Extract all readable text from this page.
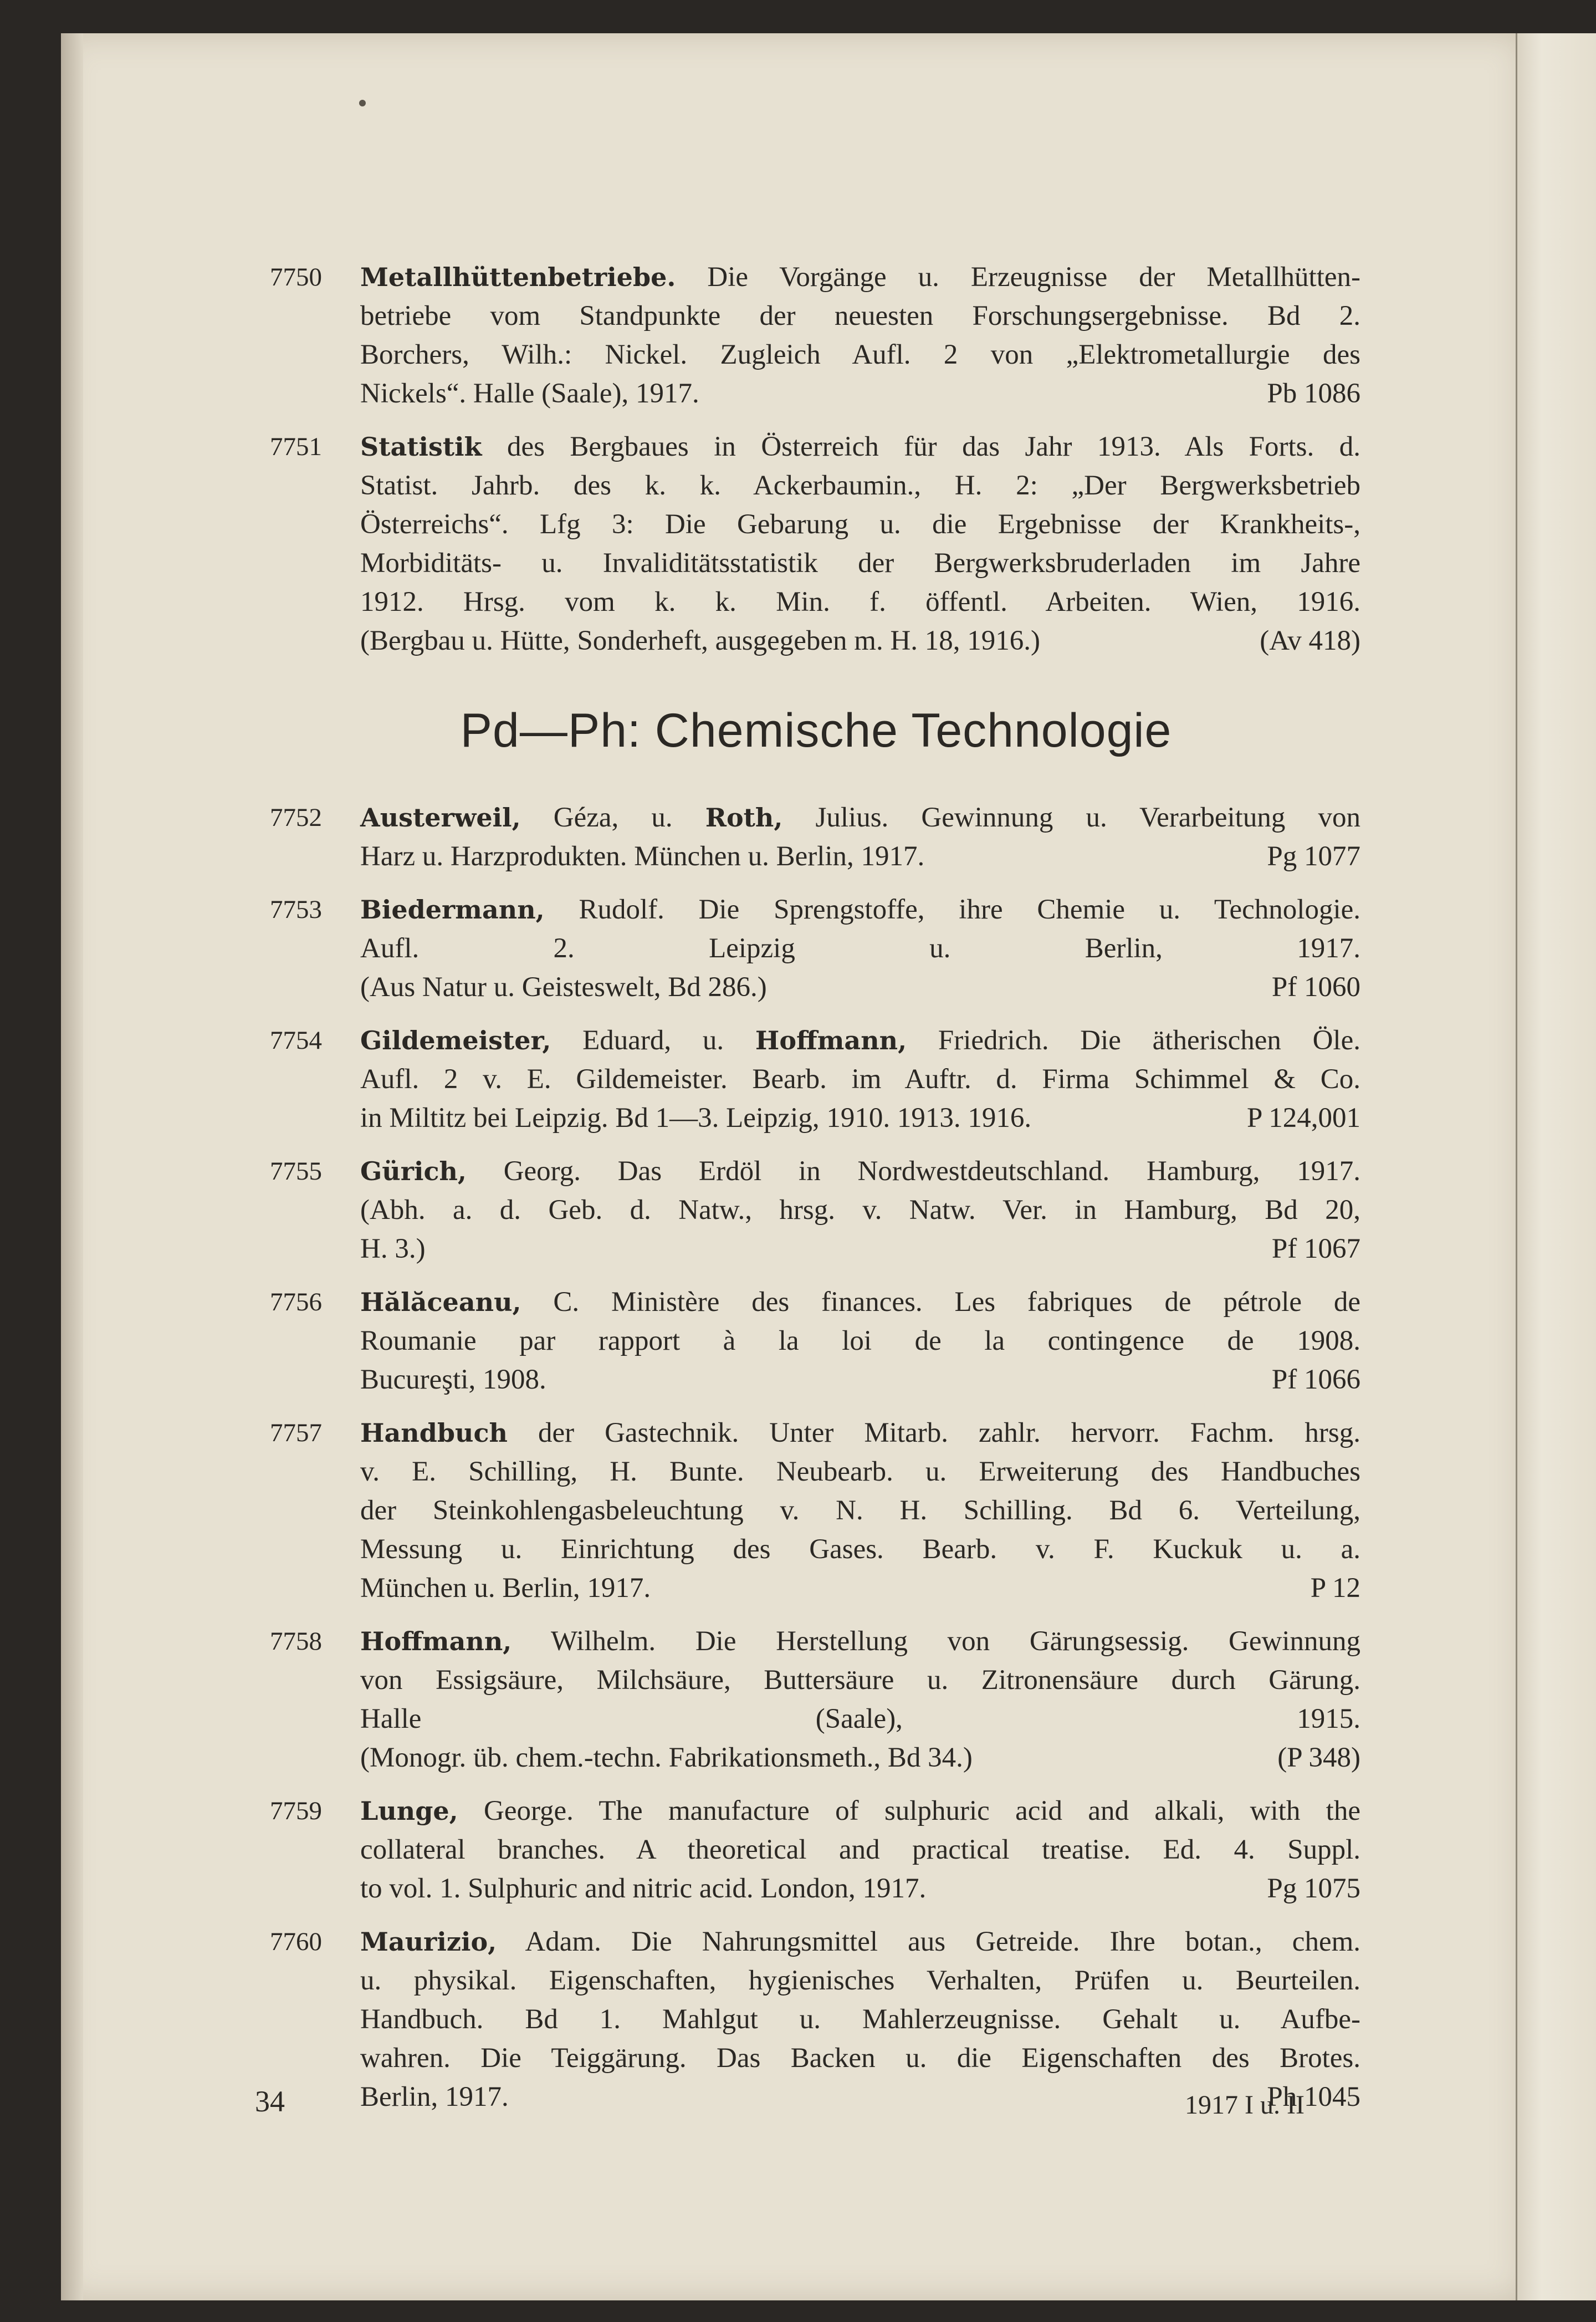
7750 Metallhüttenbetriebe. Die Vorgänge u. Erzeugnisse der Metallhütten-
betriebe vom Standpunkte der neuesten Forschungsergebnisse. Bd 2.
Borchers, Wilh.: Nickel. Zugleich Aufl. 2 von „Elektrometallurgie des
Pb 1086
Nickels“. Halle (Saale), 1917.
7751 Statistik des Bergbaues in Österreich für das Jahr 1913. Als Forts. d.
Statist. Jahrb. des k. k. Ackerbaumin., H. 2: „Der Bergwerksbetrieb
Österreichs“. Lfg 3: Die Gebarung u. die Ergebnisse der Krankheits-,
Morbiditäts- u. Invaliditätsstatistik der Bergwerksbruderladen im Jahre
1912. Hrsg. vom k. k. Min. f. öffentl. Arbeiten. Wien, 1916.
(Av 418)
(Bergbau u. Hütte, Sonderheft, ausgegeben m. H. 18, 1916.)
Pd—Ph: Chemische Technologie
7752 Austerweil, Géza, u. Roth, Julius. Gewinnung u. Verarbeitung von
Pg 1077
Harz u. Harzprodukten. München u. Berlin, 1917.
7753 Biedermann, Rudolf. Die Sprengstoffe, ihre Chemie u. Technologie.
Aufl. 2. Leipzig u. Berlin, 1917.
Pf 1060
(Aus Natur u. Geisteswelt, Bd 286.)
7754 Gildemeister, Eduard, u. Hoffmann, Friedrich. Die ätherischen Öle.
Aufl. 2 v. E. Gildemeister. Bearb. im Auftr. d. Firma Schimmel & Co.
P 124,001
in Miltitz bei Leipzig. Bd 1—3. Leipzig, 1910. 1913. 1916.
7755 Gürich, Georg. Das Erdöl in Nordwestdeutschland. Hamburg, 1917.
(Abh. a. d. Geb. d. Natw., hrsg. v. Natw. Ver. in Hamburg, Bd 20,
Pf 1067
H. 3.)
7756 Hălăceanu, C. Ministère des finances. Les fabriques de pétrole de
Roumanie par rapport à la loi de la contingence de 1908.
Pf 1066
Bucureşti, 1908.
7757 Handbuch der Gastechnik. Unter Mitarb. zahlr. hervorr. Fachm. hrsg.
v. E. Schilling, H. Bunte. Neubearb. u. Erweiterung des Handbuches
der Steinkohlengasbeleuchtung v. N. H. Schilling. Bd 6. Verteilung,
Messung u. Einrichtung des Gases. Bearb. v. F. Kuckuk u. a.
P 12
München u. Berlin, 1917.
7758 Hoffmann, Wilhelm. Die Herstellung von Gärungsessig. Gewinnung
von Essigsäure, Milchsäure, Buttersäure u. Zitronensäure durch Gärung.
Halle (Saale), 1915.
(P 348)
(Monogr. üb. chem.-techn. Fabrikationsmeth., Bd 34.)
7759 Lunge, George. The manufacture of sulphuric acid and alkali, with the
collateral branches. A theoretical and practical treatise. Ed. 4. Suppl.
Pg 1075
to vol. 1. Sulphuric and nitric acid. London, 1917.
7760 Maurizio, Adam. Die Nahrungsmittel aus Getreide. Ihre botan., chem.
u. physikal. Eigenschaften, hygienisches Verhalten, Prüfen u. Beurteilen.
Handbuch. Bd 1. Mahlgut u. Mahlerzeugnisse. Gehalt u. Aufbe-
wahren. Die Teiggärung. Das Backen u. die Eigenschaften des Brotes.
Ph 1045
Berlin, 1917.
34	1917 I u. II
